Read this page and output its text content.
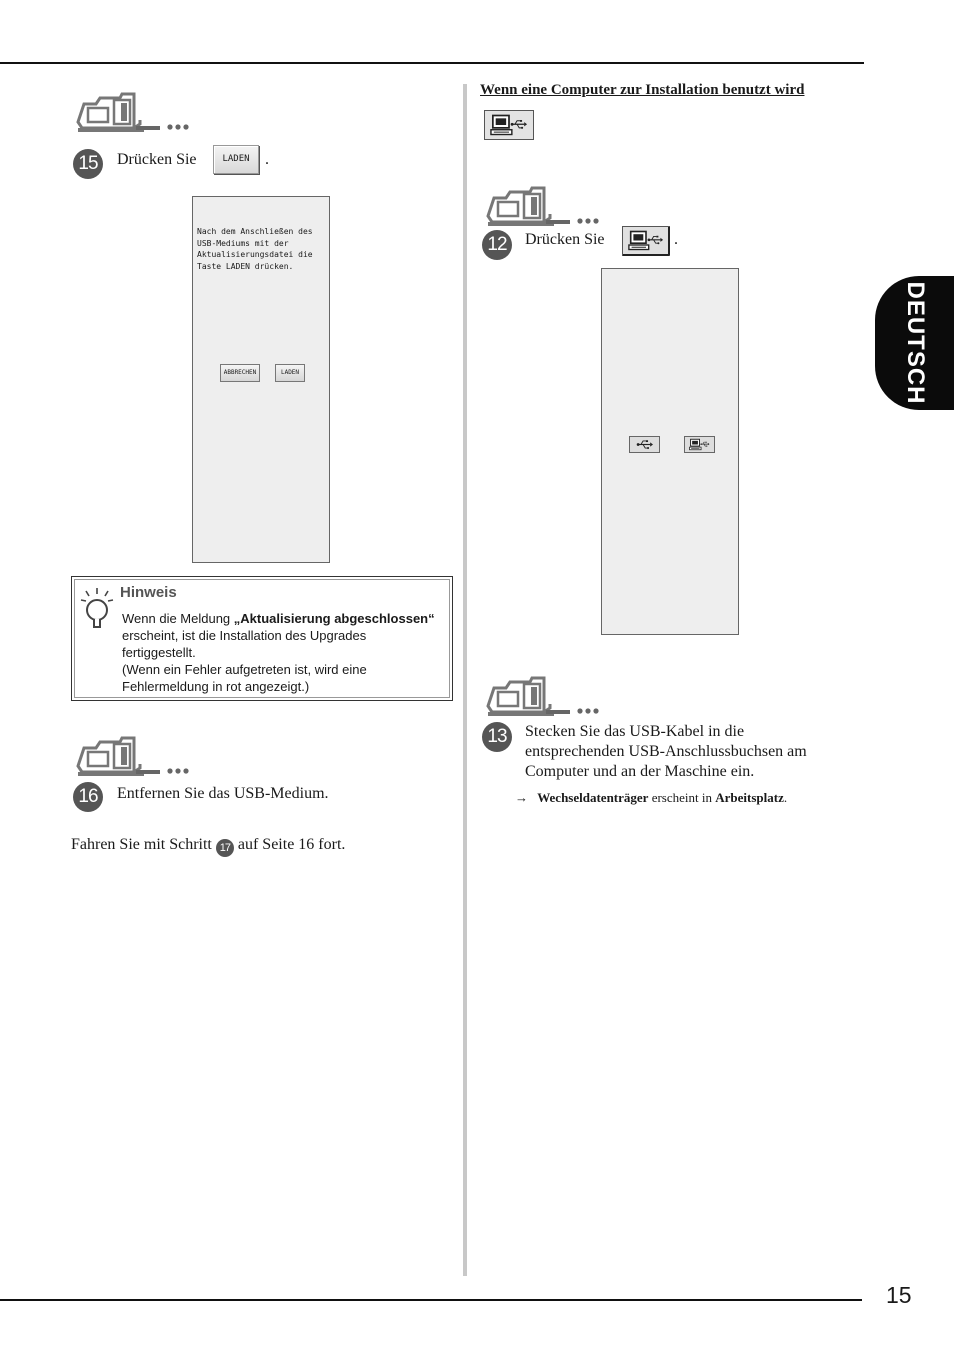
15
DEUTSCH
15	Drücken Sie	LADEN .
Nach dem Anschließen des
USB-Mediums mit der
Aktualisierungsdatei die
Taste LADEN drücken.
ABBRECHEN	LADEN
Hinweis
Wenn die Meldung „Aktualisierung abgeschlossen“
erscheint, ist die Installation des Upgrades
fertiggestellt.
(Wenn ein Fehler aufgetreten ist, wird eine
Fehlermeldung in rot angezeigt.)
16	Entfernen Sie das USB-Medium.
Fahren Sie mit Schritt 17 auf Seite 16 fort.
Wenn eine Computer zur Installation benutzt wird
12	Drücken Sie	.
13	Stecken Sie das USB-Kabel in die
entsprechenden USB-Anschlussbuchsen am
Computer und an der Maschine ein.
→ Wechseldatenträger erscheint in Arbeitsplatz.
